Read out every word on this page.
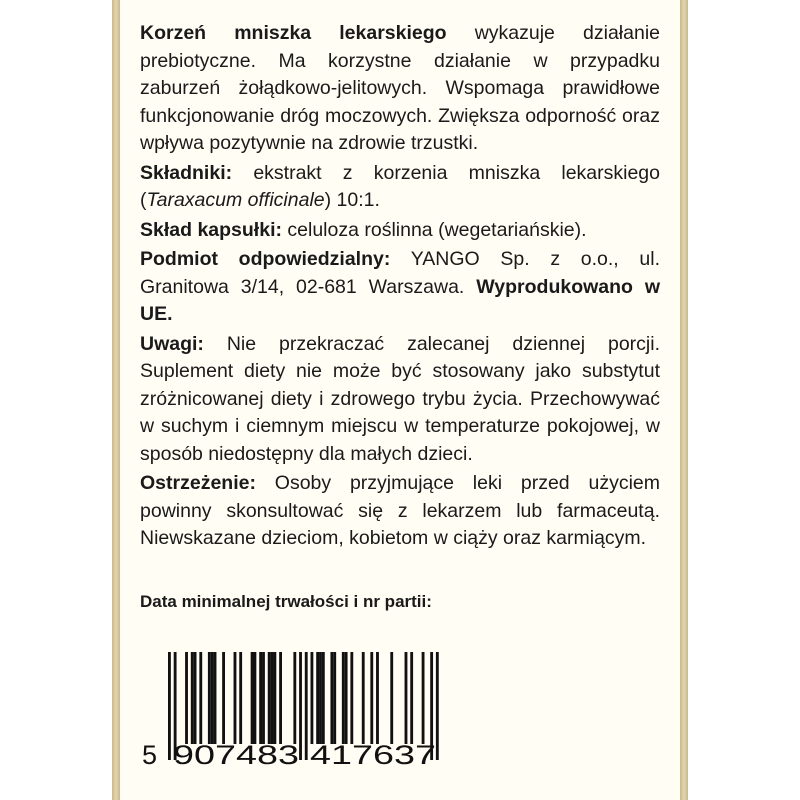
Korzeń mniszka lekarskiego wykazuje działanie prebiotyczne. Ma korzystne działanie w przypadku zaburzeń żołądkowo-jelitowych. Wspomaga prawidłowe funkcjonowanie dróg moczowych. Zwiększa odporność oraz wpływa pozytywnie na zdrowie trzustki.

Składniki: ekstrakt z korzenia mniszka lekarskiego (Taraxacum officinale) 10:1.

Skład kapsułki: celuloza roślinna (wegetariańskie).

Podmiot odpowiedzialny: YANGO Sp. z o.o., ul. Granitowa 3/14, 02-681 Warszawa. Wyprodukowano w UE.

Uwagi: Nie przekraczać zalecanej dziennej porcji. Suplement diety nie może być stosowany jako substytut zróżnicowanej diety i zdrowego trybu życia. Przechowywać w suchym i ciemnym miejscu w temperaturze pokojowej, w sposób niedostępny dla małych dzieci.

Ostrzeżenie: Osoby przyjmujące leki przed użyciem powinny skonsultować się z lekarzem lub farmaceutą. Niewskazane dzieciom, kobietom w ciąży oraz karmiącym.

Data minimalnej trwałości i nr partii:
5 907483 417637
